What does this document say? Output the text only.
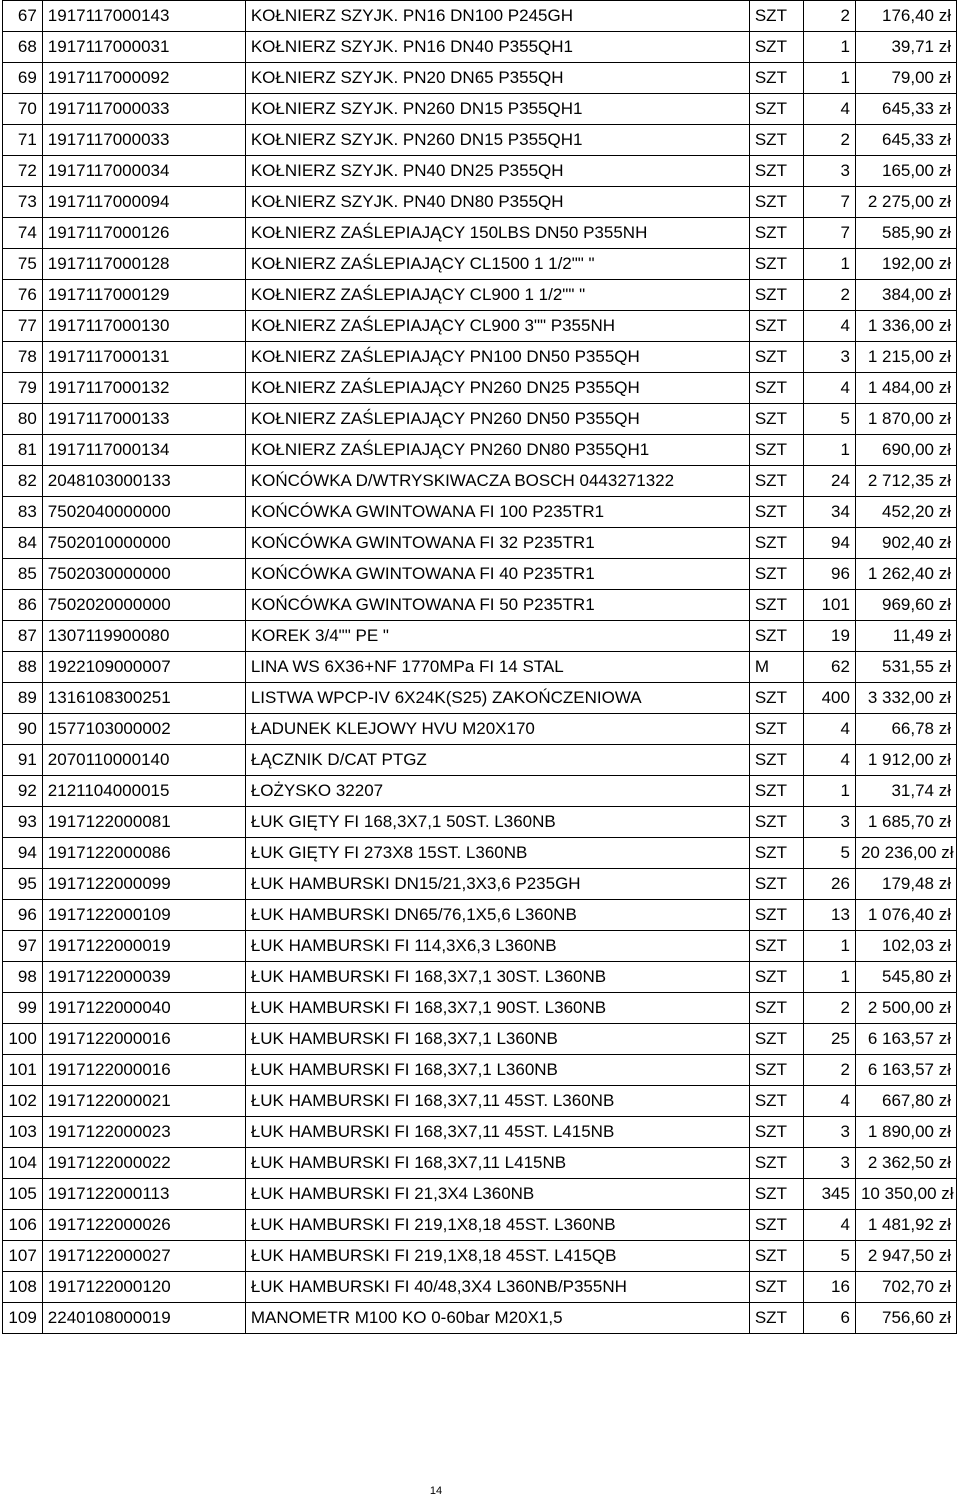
67	1917117000143	KOŁNIERZ SZYJK. PN16 DN100 P245GH	SZT	2	176,40 zł
68	1917117000031	KOŁNIERZ SZYJK. PN16 DN40 P355QH1	SZT	1	39,71 zł
69	1917117000092	KOŁNIERZ SZYJK. PN20 DN65 P355QH	SZT	1	79,00 zł
70	1917117000033	KOŁNIERZ SZYJK. PN260 DN15 P355QH1	SZT	4	645,33 zł
71	1917117000033	KOŁNIERZ SZYJK. PN260 DN15 P355QH1	SZT	2	645,33 zł
72	1917117000034	KOŁNIERZ SZYJK. PN40 DN25 P355QH	SZT	3	165,00 zł
73	1917117000094	KOŁNIERZ SZYJK. PN40 DN80 P355QH	SZT	7	2 275,00 zł
74	1917117000126	KOŁNIERZ ZAŚLEPIAJĄCY 150LBS DN50 P355NH	SZT	7	585,90 zł
75	1917117000128	KOŁNIERZ ZAŚLEPIAJĄCY CL1500 1 1/2"" "	SZT	1	192,00 zł
76	1917117000129	KOŁNIERZ ZAŚLEPIAJĄCY CL900 1 1/2"" "	SZT	2	384,00 zł
77	1917117000130	KOŁNIERZ ZAŚLEPIAJĄCY CL900 3"" P355NH	SZT	4	1 336,00 zł
78	1917117000131	KOŁNIERZ ZAŚLEPIAJĄCY PN100 DN50 P355QH	SZT	3	1 215,00 zł
79	1917117000132	KOŁNIERZ ZAŚLEPIAJĄCY PN260 DN25 P355QH	SZT	4	1 484,00 zł
80	1917117000133	KOŁNIERZ ZAŚLEPIAJĄCY PN260 DN50 P355QH	SZT	5	1 870,00 zł
81	1917117000134	KOŁNIERZ ZAŚLEPIAJĄCY PN260 DN80 P355QH1	SZT	1	690,00 zł
82	2048103000133	KOŃCÓWKA D/WTRYSKIWACZA BOSCH 0443271322	SZT	24	2 712,35 zł
83	7502040000000	KOŃCÓWKA GWINTOWANA FI 100 P235TR1	SZT	34	452,20 zł
84	7502010000000	KOŃCÓWKA GWINTOWANA FI 32 P235TR1	SZT	94	902,40 zł
85	7502030000000	KOŃCÓWKA GWINTOWANA FI 40 P235TR1	SZT	96	1 262,40 zł
86	7502020000000	KOŃCÓWKA GWINTOWANA FI 50 P235TR1	SZT	101	969,60 zł
87	1307119900080	KOREK 3/4"" PE "	SZT	19	11,49 zł
88	1922109000007	LINA WS 6X36+NF 1770MPa FI 14 STAL	M	62	531,55 zł
89	1316108300251	LISTWA WPCP-IV 6X24K(S25) ZAKOŃCZENIOWA	SZT	400	3 332,00 zł
90	1577103000002	ŁADUNEK KLEJOWY HVU M20X170	SZT	4	66,78 zł
91	2070110000140	ŁĄCZNIK D/CAT PTGZ	SZT	4	1 912,00 zł
92	2121104000015	ŁOŻYSKO 32207	SZT	1	31,74 zł
93	1917122000081	ŁUK GIĘTY FI 168,3X7,1 50ST. L360NB	SZT	3	1 685,70 zł
94	1917122000086	ŁUK GIĘTY FI 273X8 15ST. L360NB	SZT	5	20 236,00 zł
95	1917122000099	ŁUK HAMBURSKI DN15/21,3X3,6 P235GH	SZT	26	179,48 zł
96	1917122000109	ŁUK HAMBURSKI DN65/76,1X5,6 L360NB	SZT	13	1 076,40 zł
97	1917122000019	ŁUK HAMBURSKI FI 114,3X6,3 L360NB	SZT	1	102,03 zł
98	1917122000039	ŁUK HAMBURSKI FI 168,3X7,1 30ST. L360NB	SZT	1	545,80 zł
99	1917122000040	ŁUK HAMBURSKI FI 168,3X7,1 90ST. L360NB	SZT	2	2 500,00 zł
100	1917122000016	ŁUK HAMBURSKI FI 168,3X7,1 L360NB	SZT	25	6 163,57 zł
101	1917122000016	ŁUK HAMBURSKI FI 168,3X7,1 L360NB	SZT	2	6 163,57 zł
102	1917122000021	ŁUK HAMBURSKI FI 168,3X7,11 45ST. L360NB	SZT	4	667,80 zł
103	1917122000023	ŁUK HAMBURSKI FI 168,3X7,11 45ST. L415NB	SZT	3	1 890,00 zł
104	1917122000022	ŁUK HAMBURSKI FI 168,3X7,11 L415NB	SZT	3	2 362,50 zł
105	1917122000113	ŁUK HAMBURSKI FI 21,3X4 L360NB	SZT	345	10 350,00 zł
106	1917122000026	ŁUK HAMBURSKI FI 219,1X8,18 45ST. L360NB	SZT	4	1 481,92 zł
107	1917122000027	ŁUK HAMBURSKI FI 219,1X8,18 45ST. L415QB	SZT	5	2 947,50 zł
108	1917122000120	ŁUK HAMBURSKI FI 40/48,3X4 L360NB/P355NH	SZT	16	702,70 zł
109	2240108000019	MANOMETR M100 KO 0-60bar M20X1,5	SZT	6	756,60 zł
14
